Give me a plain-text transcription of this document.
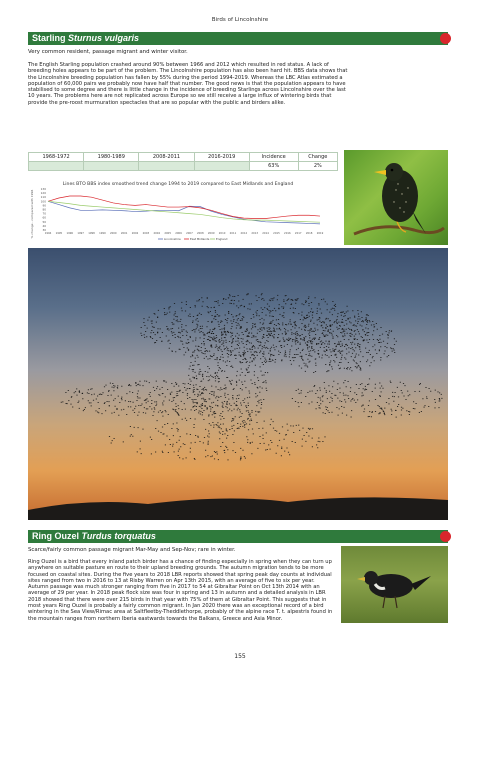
Birds of Lincolnshire
Starling Sturnus vulgaris
Very common resident, passage migrant and winter visitor.
The English Starling population crashed around 90% between 1966 and 2012 which resulted in red status. A lack of breeding holes appears to be part of the problem. The Lincolnshire population has also been hard hit. BBS data shows that the Lincolnshire breeding population has fallen by 55% during the period 1994-2019. Whereas the LBC Atlas estimated a population of 60,000 pairs we probably now have half that number. The good news is that the population appears to have stabilised to some degree and there is little change in the incidence of breeding Starlings across Lincolnshire over the last 10 years. The problems here are not replicated across Europe so we still receive a large influx of wintering birds that provide the pre-roost murmuration spectacles that are so popular with the public and birders alike.
1968-1972	1980-1989	2008-2011	2016-2019	Incidence	Change
				63%	2%
Lines BTO BBS index smoothed trend change 1994 to 2019 compared to East Midlands and England
% change - compared with 1994	30
40
50
60
70
80
90
100
110
120
130
1994 1995 1996 1997 1998 1999 2000 2001 2002 2003 2004 2005 2006 2007 2008 2009 2010 2011 2012 2013 2014 2015 2016 2017 2018 2019
Lincolnshire	East Midlands England
Starling murmuration, Alkborough
Ring Ouzel Turdus torquatus
Scarce/fairly common passage migrant Mar-May and Sep-Nov; rare in winter.
Ring Ouzel is a bird that every inland patch birder has a chance of finding especially in spring when they can turn up anywhere on suitable pasture en route to their upland breeding grounds. The autumn migration tends to be more focused on coastal sites. During the five years to 2018 LBR reports showed that spring peak day counts at individual sites ranged from two in 2016 to 13 at Risby Warren on Apr 13th 2015, with an average of five to six per year. Autumn passage was much stronger ranging from five in 2017 to 54 at Gibraltar Point on Oct 13th 2014 with an average of 29 per year. In 2018 peak flock size was four in spring and 13 in autumn and a detailed analysis in LBR 2018 showed that there were over 215 birds in that year with 75% of them at Gibraltar Point. This suggests that in most years Ring Ouzel is probably a fairly common migrant. In Jan 2020 there was an exceptional record of a bird wintering in the Sea View/Rimac area at Saltfleetby-Theddlethorpe, probably of the alpine race T. t. alpestris found in the mountain ranges from northern Iberia eastwards towards the Balkans, Greece and Asia Minor.
155
